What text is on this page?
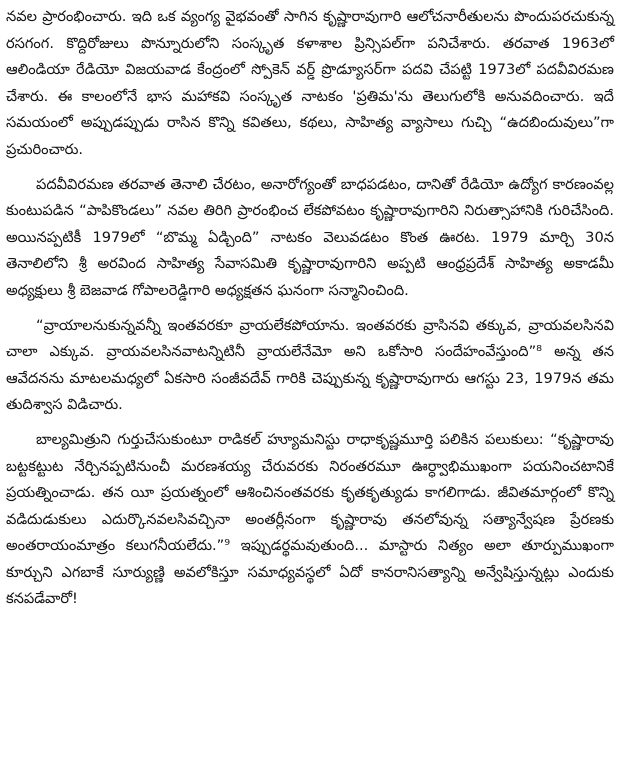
నవల ప్రారంభించారు. ఇది ఒక వ్యంగ్య వైభవంతో సాగిన కృష్ణారావుగారి ఆలోచనారీతులను పొందుపరచుకున్న రసగంగ. కొద్దిరోజులు పొన్నూరులోని సంస్కృత కళాశాల ప్రిన్సిపల్‌గా పనిచేశారు. తరవాత 1963లో ఆలిండియా రేడియో విజయవాడ కేంద్రంలో స్పోకెన్ వర్డ్ ప్రొడ్యూసర్‌గా పదవి చేపట్టి 1973లో పదవీవిరమణ చేశారు. ఈ కాలంలోనే భాస మహాకవి సంస్కృత నాటకం 'ప్రతిమ'ను తెలుగులోకి అనువదించారు. ఇదే సమయంలో అప్పుడప్పుడు రాసిన కొన్ని కవితలు, కథలు, సాహిత్య వ్యాసాలు గుచ్చి “ఉదబిందువులు”గా ప్రచురించారు.

పదవీవిరమణ తరవాత తెనాలి చేరటం, అనారోగ్యంతో బాధపడటం, దానితో రేడియో ఉద్యోగ కారణంవల్ల కుంటుపడిన “పాపికొండలు” నవల తిరిగి ప్రారంభించ లేకపోవటం కృష్ణారావుగారిని నిరుత్సాహానికి గురిచేసింది. అయినప్పటికీ 1979లో “బొమ్మ ఏడ్చింది” నాటకం వెలువడటం కొంత ఊరట. 1979 మార్చి 30న తెనాలిలోని శ్రీ అరవింద సాహిత్య సేవాసమితి కృష్ణారావుగారిని అప్పటి ఆంధ్రప్రదేశ్ సాహిత్య అకాడమీ అధ్యక్షులు శ్రీ బెజవాడ గోపాలరెడ్డిగారి అధ్యక్షతన ఘనంగా సన్మానించింది.

“వ్రాయాలనుకున్నవన్నీ ఇంతవరకూ వ్రాయలేకపోయాను. ఇంతవరకు వ్రాసినవి తక్కువ, వ్రాయవలసినవి చాలా ఎక్కువ. వ్రాయవలసినవాటన్నిటినీ వ్రాయలేనేమో అని ఒకోసారి సందేహంవేస్తుంది”⁸ అన్న తన ఆవేదనను మాటలమధ్యలో ఏకసారి సంజీవదేవ్ గారికి చెప్పుకున్న కృష్ణారావుగారు ఆగస్టు 23, 1979న తమ తుదిశ్వాస విడిచారు.

బాల్యమిత్రుని గుర్తుచేసుకుంటూ రాడికల్ హ్యూమనిస్టు రాధాకృష్ణమూర్తి పలికిన పలుకులు: “కృష్ణారావు బట్టకట్టుట నేర్చినప్పటినుంచీ మరణశయ్య చేరువరకు నిరంతరమూ ఊర్ధ్వాభిముఖంగా పయనించటానికే ప్రయత్నించాడు. తన యీ ప్రయత్నంలో ఆశించినంతవరకు కృతకృత్యుడు కాగలిగాడు. జీవితమార్గంలో కొన్ని వడిదుడుకులు ఎదుర్కొనవలసివచ్చినా అంతర్లీనంగా కృష్ణారావు తనలోవున్న సత్యాన్వేషణ ప్రేరణకు అంతరాయంమాత్రం కలుగనీయలేదు.”⁹ ఇప్పుడర్థమవుతుంది... మాస్టారు నిత్యం అలా తూర్పుముఖంగా కూర్చుని ఎగబాకే సూర్యుణ్ణి అవలోకిస్తూ సమాధ్యవస్థలో ఏదో కానరానిసత్యాన్ని అన్వేషిస్తున్నట్లు ఎందుకు కనపడేవారో!
